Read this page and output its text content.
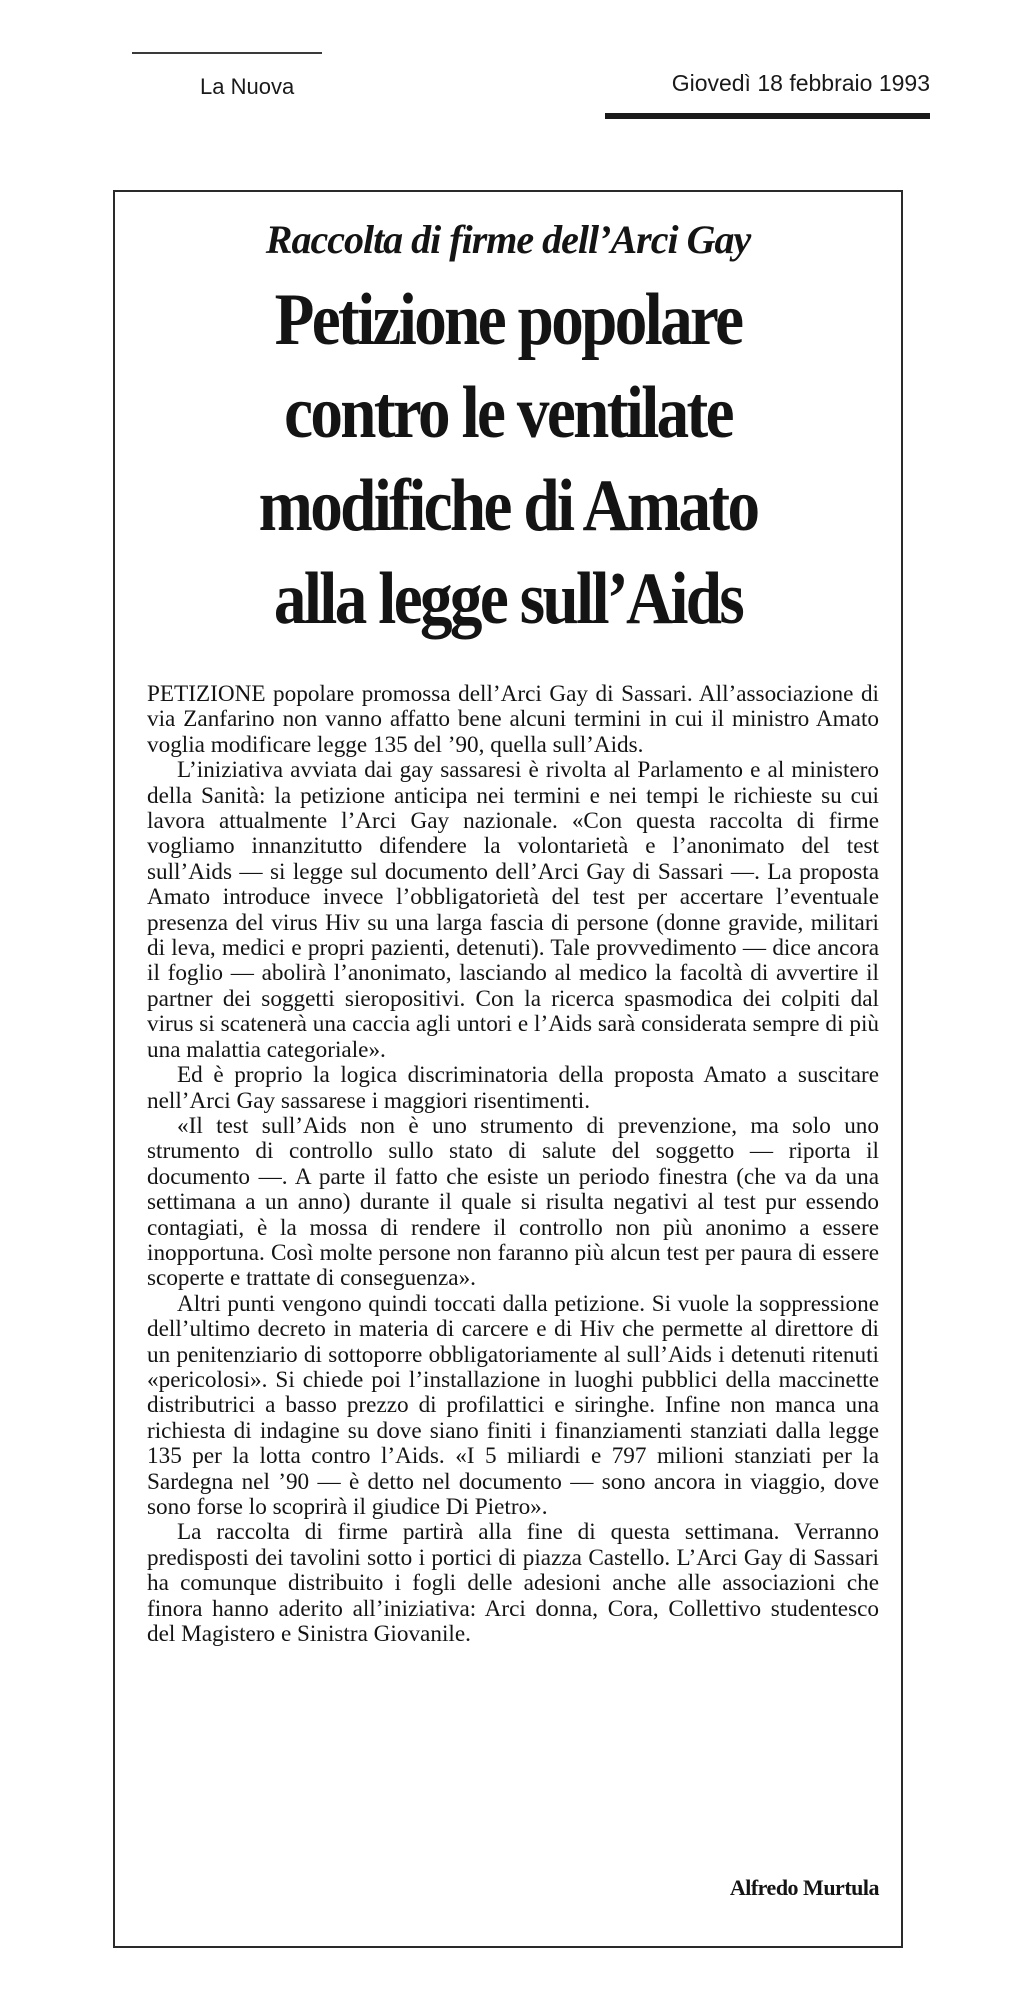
La Nuova	Giovedì 18 febbraio 1993
Raccolta di firme dell’Arci Gay
Petizione popolare
contro le ventilate
modifiche di Amato
alla legge sull’Aids

PETIZIONE popolare promossa dell’Arci Gay di Sassari. All’associazione di via Zanfarino non vanno affatto bene alcuni termini in cui il ministro Amato voglia modificare legge 135 del ’90, quella sull’Aids.

L’iniziativa avviata dai gay sassaresi è rivolta al Parlamento e al ministero della Sanità: la petizione anticipa nei termini e nei tempi le richieste su cui lavora attualmente l’Arci Gay nazionale. «Con questa raccolta di firme vogliamo innanzitutto difendere la volontarietà e l’anonimato del test sull’Aids — si legge sul documento dell’Arci Gay di Sassari —. La proposta Amato introduce invece l’obbligatorietà del test per accertare l’eventuale presenza del virus Hiv su una larga fascia di persone (donne gravide, militari di leva, medici e propri pazienti, detenuti). Tale provvedimento — dice ancora il foglio — abolirà l’anonimato, lasciando al medico la facoltà di avvertire il partner dei soggetti sieropositivi. Con la ricerca spasmodica dei colpiti dal virus si scatenerà una caccia agli untori e l’Aids sarà considerata sempre di più una malattia categoriale».

Ed è proprio la logica discriminatoria della proposta Amato a suscitare nell’Arci Gay sassarese i maggiori risentimenti.

«Il test sull’Aids non è uno strumento di prevenzione, ma solo uno strumento di controllo sullo stato di salute del soggetto — riporta il documento —. A parte il fatto che esiste un periodo finestra (che va da una settimana a un anno) durante il quale si risulta negativi al test pur essendo contagiati, è la mossa di rendere il controllo non più anonimo a essere inopportuna. Così molte persone non faranno più alcun test per paura di essere scoperte e trattate di conseguenza».

Altri punti vengono quindi toccati dalla petizione. Si vuole la soppressione dell’ultimo decreto in materia di carcere e di Hiv che permette al direttore di un penitenziario di sottoporre obbligatoriamente al sull’Aids i detenuti ritenuti «pericolosi». Si chiede poi l’installazione in luoghi pubblici della maccinette distributrici a basso prezzo di profilattici e siringhe. Infine non manca una richiesta di indagine su dove siano finiti i finanziamenti stanziati dalla legge 135 per la lotta contro l’Aids. «I 5 miliardi e 797 milioni stanziati per la Sardegna nel ’90 — è detto nel documento — sono ancora in viaggio, dove sono forse lo scoprirà il giudice Di Pietro».

La raccolta di firme partirà alla fine di questa settimana. Verranno predisposti dei tavolini sotto i portici di piazza Castello. L’Arci Gay di Sassari ha comunque distribuito i fogli delle adesioni anche alle associazioni che finora hanno aderito all’iniziativa: Arci donna, Cora, Collettivo studentesco del Magistero e Sinistra Giovanile.

Alfredo Murtula
